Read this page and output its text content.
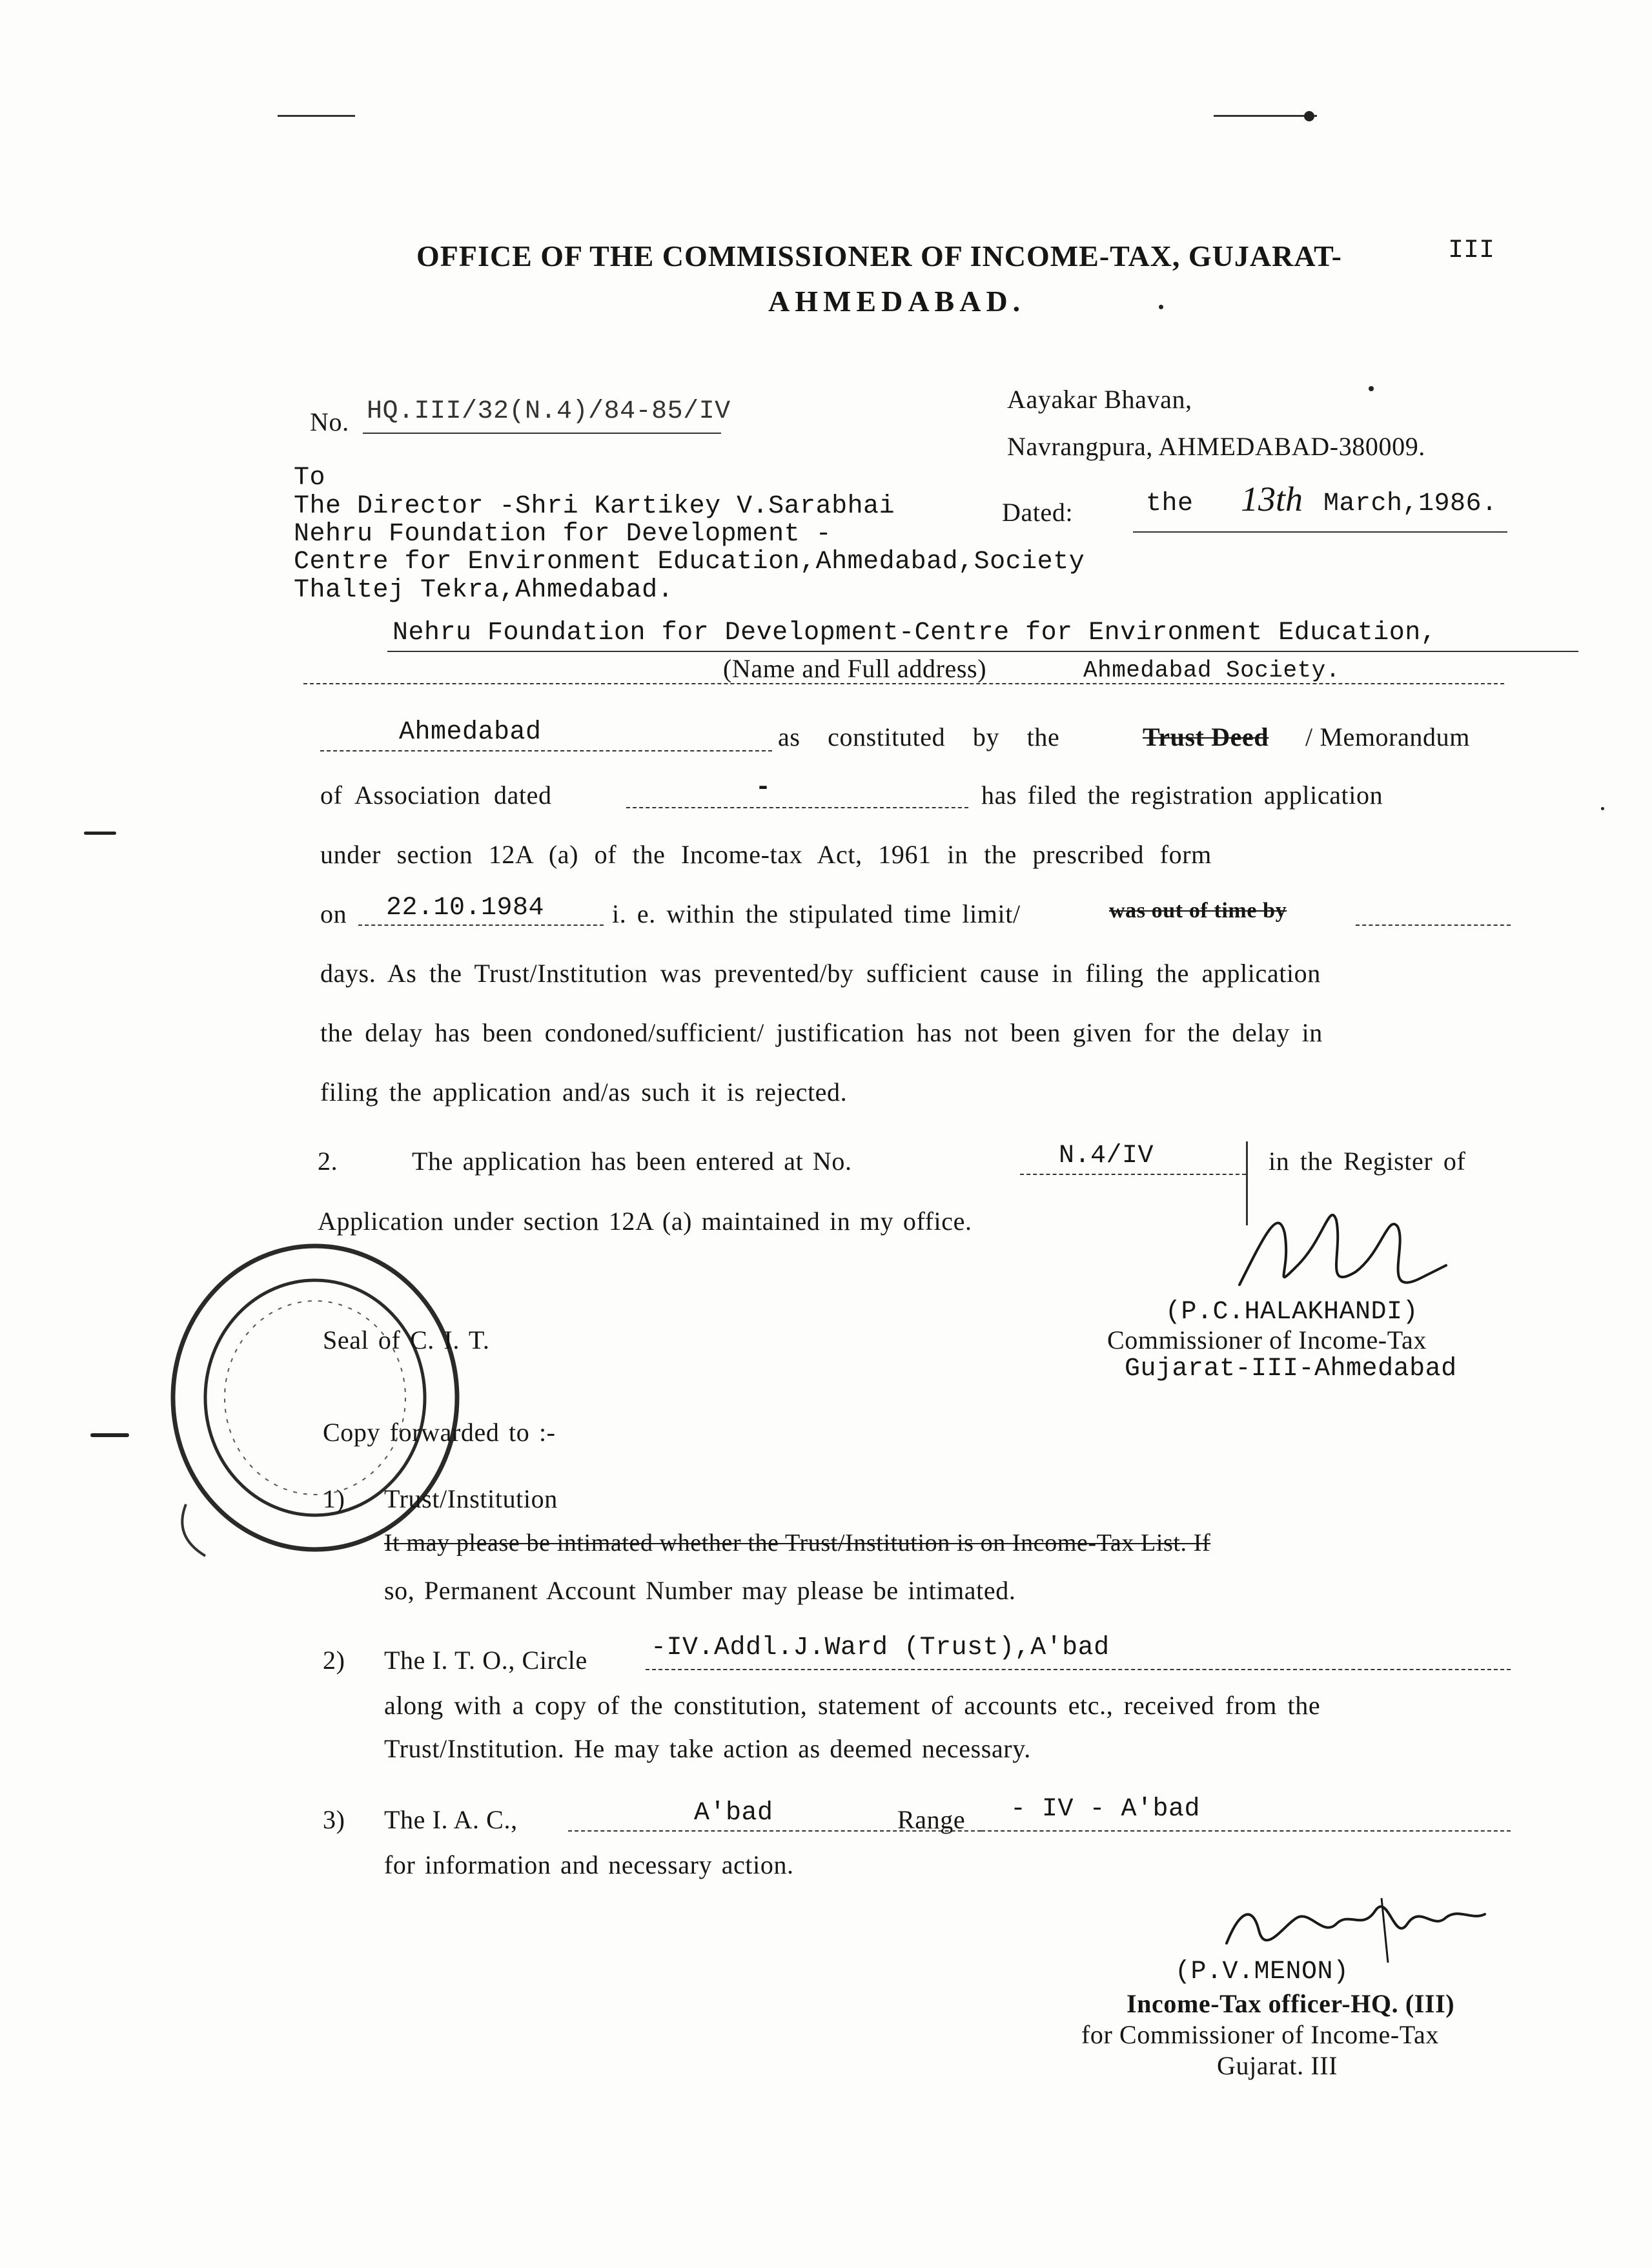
OFFICE OF THE COMMISSIONER OF INCOME-TAX, GUJARAT-	III
AHMEDABAD.
No. HQ.III/32(N.4)/84-85/IV	Aayakar Bhavan,
Navrangpura, AHMEDABAD-380009.
To
The Director -Shri Kartikey V.Sarabhai
Nehru Foundation for Development -
Centre for Environment Education,Ahmedabad,Society
Thaltej Tekra,Ahmedabad.
Dated:	the 13th March,1986.
Nehru Foundation for Development-Centre for Environment Education,
(Name and Full address)	Ahmedabad Society.
Ahmedabad	as constituted by the	Trust Deed / Memorandum
of Association dated	-	has filed the registration application
under section 12A (a) of the Income-tax Act, 1961 in the prescribed form
on 22.10.1984	i. e. within the stipulated time limit/	was out of time by
days. As the Trust/Institution was prevented/by sufficient cause in filing the application
the delay has been condoned/sufficient/ justification has not been given for the delay in
filing the application and/as such it is rejected.
2.	The application has been entered at No.	N.4/IV	in the Register of
Application under section 12A (a) maintained in my office.
Seal of C. I. T.
(P.C.HALAKHANDI)
Commissioner of Income-Tax
Gujarat-III-Ahmedabad
Copy forwarded to :-
1) Trust/Institution
It may please be intimated whether the Trust/Institution is on Income-Tax List. If
so, Permanent Account Number may please be intimated.
2) The I. T. O., Circle -IV.Addl.J.Ward (Trust),A'bad
along with a copy of the constitution, statement of accounts etc., received from the
Trust/Institution. He may take action as deemed necessary.
3) The I. A. C.,	A'bad	Range - IV - A'bad
for information and necessary action.
(P.V.MENON)
Income-Tax officer-HQ. (III)
for Commissioner of Income-Tax
Gujarat. III
